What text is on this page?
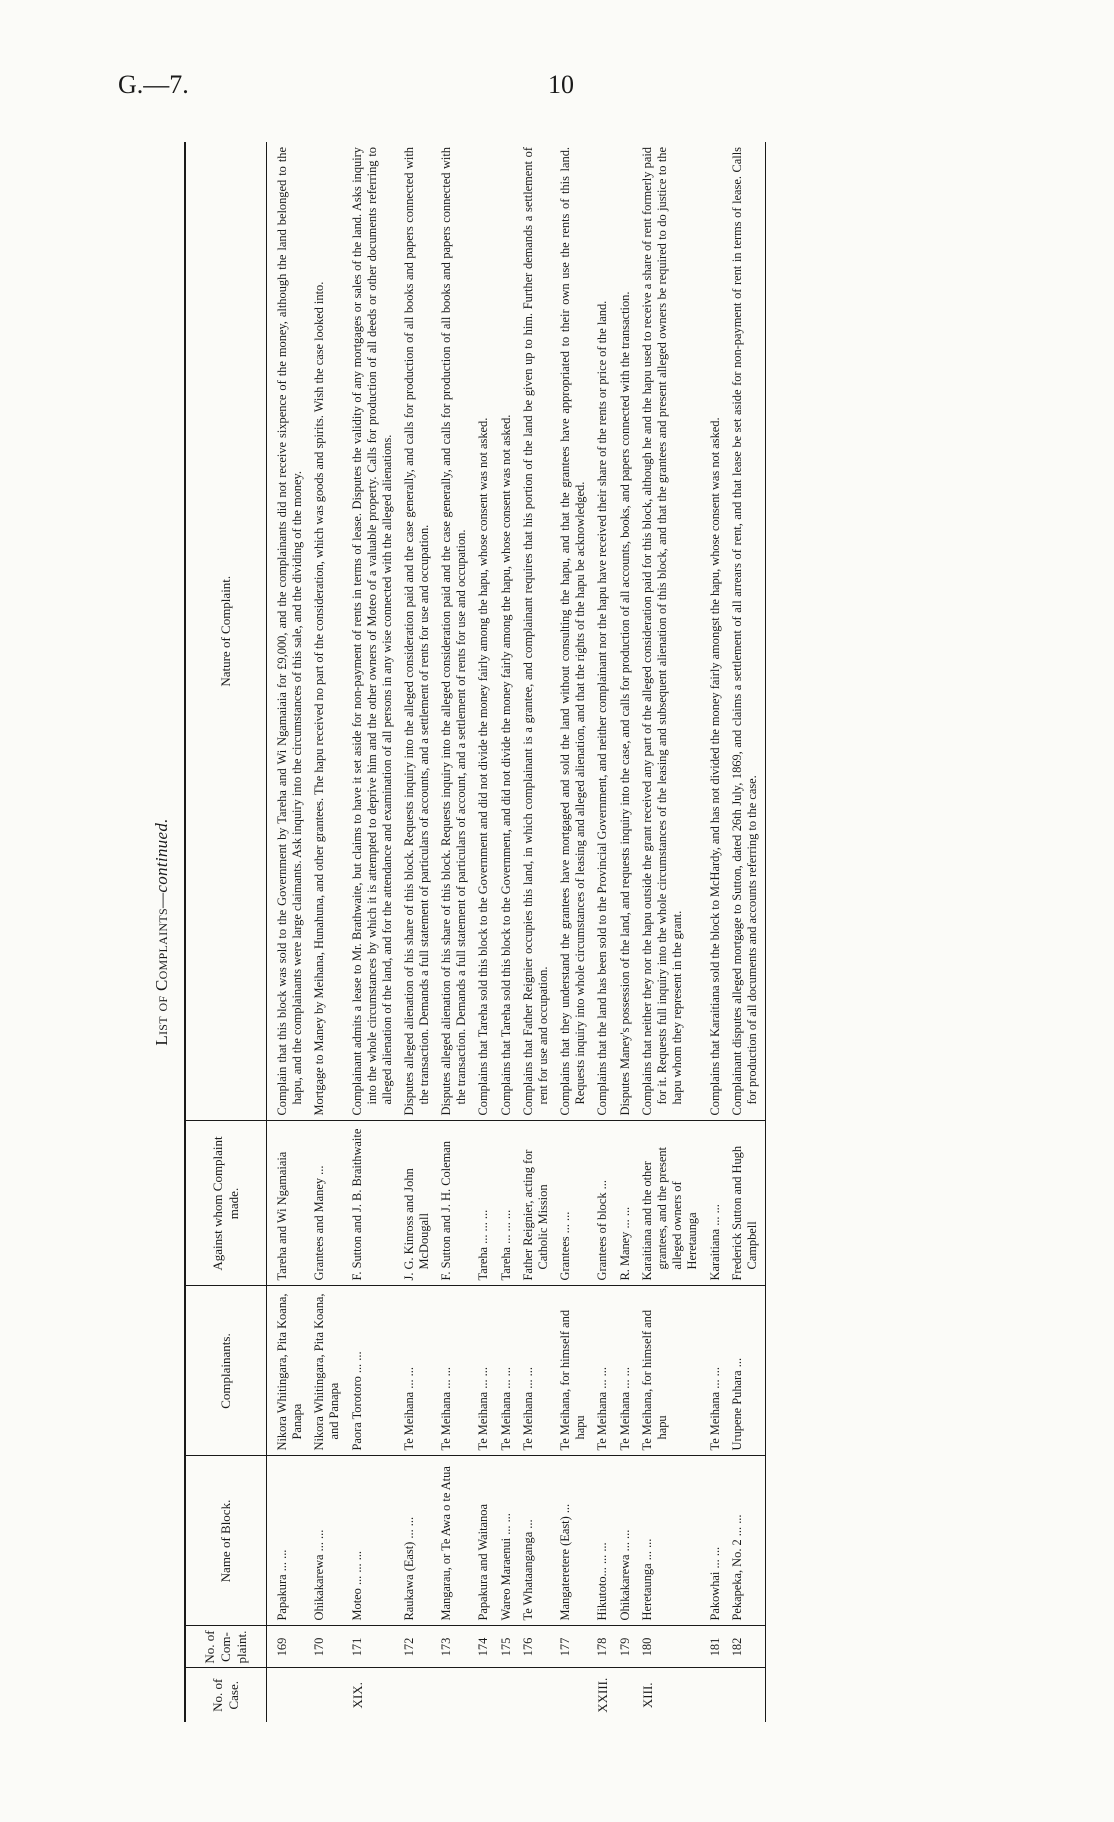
G.—7.	10
List of Complaints—continued.
No. of Case.	No. of Com-plaint.	Name of Block.	Complainants.	Against whom Complaint made.	Nature of Complaint.
	169	Papakura ... ...	Nikora Whitingara, Pita Koana, Panapa	Tareha and Wi Ngamaiaia	Complain that this block was sold to the Government by Tareha and Wi Ngamaiaia for £9,000, and the complainants did not receive sixpence of the money, although the land belonged to the hapu, and the complainants were large claimants. Ask inquiry into the circumstances of this sale, and the dividing of the money.
	170	Ohikakarewa ... ...	Nikora Whitingara, Pita Koana, and Panapa	Grantees and Maney ...	Mortgage to Maney by Meihana, Hunahuna, and other grantees. The hapu received no part of the consideration, which was goods and spirits. Wish the case looked into.
XIX.	171	Moteo ... ... ...	Paora Torotoro ... ...	F. Sutton and J. B. Braithwaite	Complainant admits a lease to Mr. Brathwaite, but claims to have it set aside for non-payment of rents in terms of lease. Disputes the validity of any mortgages or sales of the land. Asks inquiry into the whole circumstances by which it is attempted to deprive him and the other owners of Moteo of a valuable property. Calls for production of all deeds or other documents referring to alleged alienation of the land, and for the attendance and examination of all persons in any wise connected with the alleged alienations.
	172	Raukawa (East) ... ...	Te Meihana ... ...	J. G. Kinross and John McDougall	Disputes alleged alienation of his share of this block. Requests inquiry into the alleged consideration paid and the case generally, and calls for production of all books and papers connected with the transaction. Demands a full statement of particulars of accounts, and a settlement of rents for use and occupation.
	173	Mangarau, or Te Awa o te Atua	Te Meihana ... ...	F. Sutton and J. H. Coleman	Disputes alleged alienation of his share of this block. Requests inquiry into the alleged consideration paid and the case generally, and calls for production of all books and papers connected with the transaction. Demands a full statement of particulars of account, and a settlement of rents for use and occupation.
	174	Papakura and Waitanoa	Te Meihana ... ...	Tareha ... ... ...	Complains that Tareha sold this block to the Government and did not divide the money fairly among the hapu, whose consent was not asked.
	175	Wareo Maraenui ... ...	Te Meihana ... ...	Tareha ... ... ...	Complains that Tareha sold this block to the Government, and did not divide the money fairly among the hapu, whose consent was not asked.
	176	Te Whataanganga ...	Te Meihana ... ...	Father Reignier, acting for Catholic Mission	Complains that Father Reignier occupies this land, in which complainant is a grantee, and complainant requires that his portion of the land be given up to him. Further demands a settlement of rent for use and occupation.
	177	Mangateretere (East) ...	Te Meihana, for himself and hapu	Grantees ... ...	Complains that they understand the grantees have mortgaged and sold the land without consulting the hapu, and that the grantees have appropriated to their own use the rents of this land. Requests inquiry into whole circumstances of leasing and alleged alienation, and that the rights of the hapu be acknowledged.
XXIII.	178	Hikutoto... ... ...	Te Meihana ... ...	Grantees of block ...	Complains that the land has been sold to the Provincial Government, and neither complainant nor the hapu have received their share of the rents or price of the land.
	179	Ohikakarewa ... ...	Te Meihana ... ...	R. Maney ... ...	Disputes Maney's possession of the land, and requests inquiry into the case, and calls for production of all accounts, books, and papers connected with the transaction.
XIII.	180	Heretaunga ... ...	Te Meihana, for himself and hapu	Karaitiana and the other grantees, and the present alleged owners of Heretaunga	Complains that neither they nor the hapu outside the grant received any part of the alleged consideration paid for this block, although he and the hapu used to receive a share of rent formerly paid for it. Requests full inquiry into the whole circumstances of the leasing and subsequent alienation of this block, and that the grantees and present alleged owners be required to do justice to the hapu whom they represent in the grant.
	181	Pakowhai ... ...	Te Meihana ... ...	Karaitiana ... ...	Complains that Karaitiana sold the block to McHardy, and has not divided the money fairly amongst the hapu, whose consent was not asked.
	182	Pekapeka, No. 2 ... ...	Urupene Puhara ...	Frederick Sutton and Hugh Campbell	Complainant disputes alleged mortgage to Sutton, dated 26th July, 1869, and claims a settlement of all arrears of rent, and that lease be set aside for non-payment of rent in terms of lease. Calls for production of all documents and accounts referring to the case.
